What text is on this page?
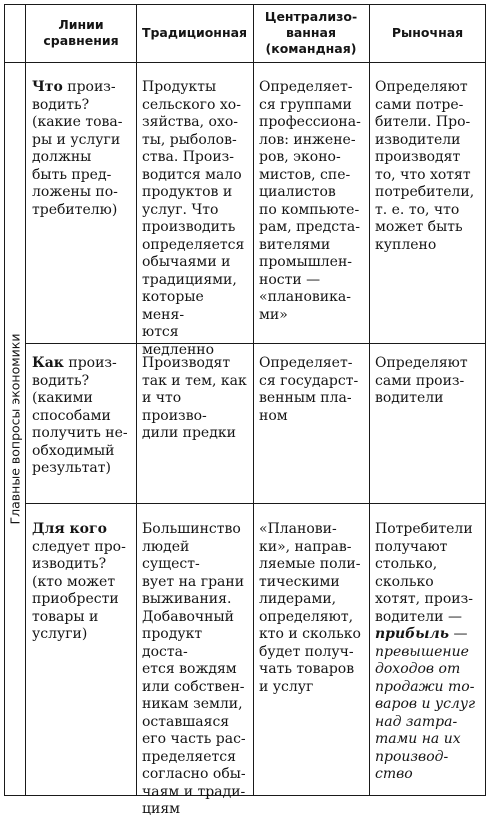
Линии
сравнения
Традиционная
Централизо-
ванная
(командная)
Рыночная
Главные вопросы экономики
Что произ-
водить?
(какие това-
ры и услуги
должны
быть пред-
ложены по-
требителю)
Продукты
сельского хо-
зяйства, охо-
ты, рыболов-
ства. Произ-
водится мало
продуктов и
услуг. Что
производить
определяется
обычаями и
традициями,
которые меня-
ются медленно
Определяет-
ся группами
профессиона-
лов: инжене-
ров, эконо-
мистов, спе-
циалистов
по компьюте-
рам, предста-
вителями
промышлен-
ности —
«плановика-
ми»
Определяют
сами потре-
бители. Про-
изводители
производят
то, что хотят
потребители,
т. е. то, что
может быть
куплено
Как произ-
водить?
(какими
способами
получить не-
обходимый
результат)
Производят
так и тем, как
и что произво-
дили предки
Определяет-
ся государст-
венным пла-
ном
Определяют
сами произ-
водители
Для кого
следует про-
изводить?
(кто может
приобрести
товары и
услуги)
Большинство
людей сущест-
вует на грани
выживания.
Добавочный
продукт доста-
ется вождям
или собствен-
никам земли,
оставшаяся
его часть рас-
пределяется
согласно обы-
чаям и тради-
циям
«Планови-
ки», направ-
ляемые поли-
тическими
лидерами,
определяют,
кто и сколько
будет получ-
чать товаров
и услуг
Потребители
получают
столько,
сколько
хотят, произ-
водители —
прибыль —
превышение
доходов от
продажи то-
варов и услуг
над затра-
тами на их
производ-
ство
